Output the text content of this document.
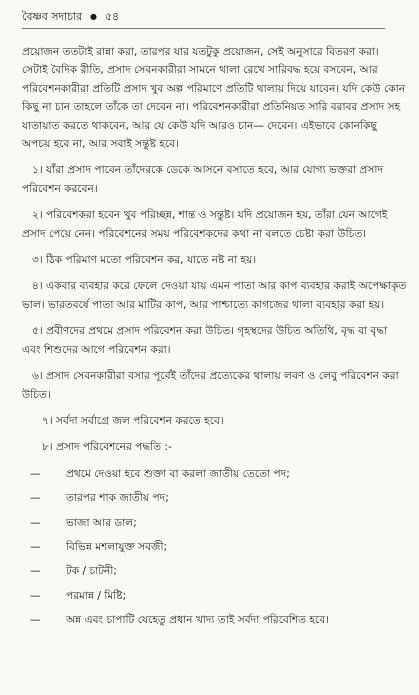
বৈষ্ণব সদাচার ● ৫৪

প্রয়োজন ততটাই রান্না করা, তারপর যার যতটুকু প্রয়োজন, সেই অনুসারে বিতরণ করা। সেটাই বৈদিক রীতি, প্রসাদ সেবনকারীরা সামনে থালা রেখে সারিবদ্ধ হয়ে বসবেন, আর পরিবেশনকারীরা প্রতিটি প্রসাদ খুব অল্প পরিমাণে প্রতিটি থালায় দিয়ে যাবেন। যদি কেউ কোন কিছু না চান তাহলে তাঁকে তা দেবেন না। পরিবেশনকারীরা প্রতিনিয়ত সারি বরাবর প্রসাদ সহ যাতায়াত করতে থাকবেন, আর যে কেউ যদি আরও চান— দেবেন। এইভাবে কোনকিছু অপচয় হবে না, আর সবাই সন্তুষ্ট হবে।

১। যাঁরা প্রসাদ পাবেন তাঁদেরকে ডেকে আসনে বসাতে হবে, আর যোগ্য ভক্তরা প্রসাদ পরিবেশন করবেন।

২। পরিবেশকরা হবেন খুব পরিচ্ছন্ন, শান্ত ও সন্তুষ্ট। যদি প্রয়োজন হয়, তাঁরা যেন আগেই প্রসাদ পেয়ে নেন। পরিবেশনের সময় পরিবেশকদের কথা না বলতে চেষ্টা করা উচিত।

৩। ঠিক পরিমাণ মতো পরিবেশন কর, যাতে নষ্ট না হয়।

৪। একবার ব্যবহার করে ফেলে দেওয়া যায় এমন পাতা আর কাপ ব্যবহার করাই অপেক্ষাকৃত ভাল। ভারতবর্ষে পাতা আর মাটির কাপ, আর পাশ্চাত্যে কাগজের থালা ব্যবহার করা হয়।

৫। প্রবীণদের প্রথমে প্রসাদ পরিবেশন করা উচিত। গৃহস্থদের উচিত অতিথি, বৃদ্ধ বা বৃদ্ধা এবং শিশুদের আগে পরিবেশন করা।

৬। প্রসাদ সেবনকারীরা বসার পূর্বেই তাঁদের প্রত্যেকের থালায় লবণ ও লেবু পরিবেশন করা উচিত।

৭। সর্বদা সর্বাগ্রে জল পরিবেশন করতে হবে।

৮। প্রসাদ পরিবেশনের পদ্ধতি :-

— প্রথমে দেওয়া হবে শুক্তা বা করলা জাতীয় তেতো পদ;
— তারপর শাক জাতীয় পদ;
— ভাজা আর ডাল;
— বিভিন্ন মশলাযুক্ত সবজী;
— টক / চাটনী;
— পরমান্ন / মিষ্টি;
— অন্ন এবং চাপাটি যেহেতু প্রধান খাদ্য তাই সর্বদা পরিবেশিত হবে।
